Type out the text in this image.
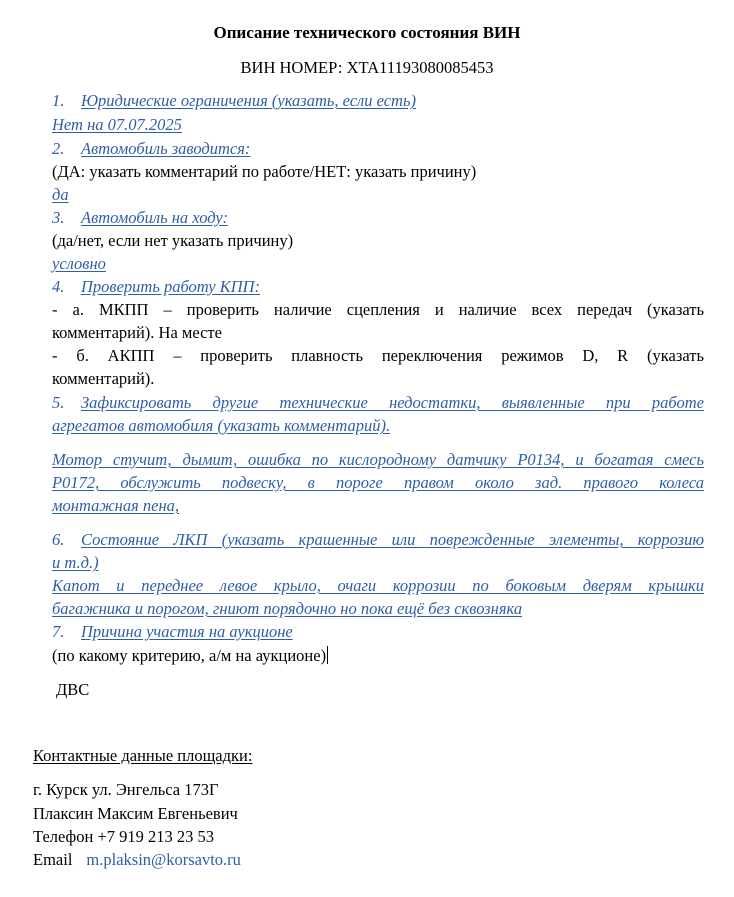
Описание технического состояния ВИН
ВИН НОМЕР: XTA11193080085453
1. Юридические ограничения (указать, если есть)
Нет на 07.07.2025
2. Автомобиль заводится:
(ДА: указать комментарий по работе/НЕТ: указать причину)
да
3. Автомобиль на ходу:
(да/нет, если нет указать причину)
условно
4. Проверить работу КПП:
- а. МКПП – проверить наличие сцепления и наличие всех передач (указать
комментарий). На месте
- б. АКПП – проверить плавность переключения режимов D, R (указать
комментарий).
5. Зафиксировать другие технические недостатки, выявленные при работе
агрегатов автомобиля (указать комментарий).
Мотор стучит, дымит, ошибка по кислородному датчику P0134, и богатая смесь
P0172, обслужить подвеску, в пороге правом около зад. правого колеса
монтажная пена,
6. Состояние ЛКП (указать крашенные или поврежденные элементы, коррозию
и т.д.)
Капот и переднее левое крыло, очаги коррозии по боковым дверям крышки
багажника и порогом, гниют порядочно но пока ещё без сквозняка
7. Причина участия на аукционе
(по какому критерию, а/м на аукционе)
ДВС
Контактные данные площадки:
г. Курск ул. Энгельса 173Г
Плаксин Максим Евгеньевич
Телефон +7 919 213 23 53
Email m.plaksin@korsavto.ru
